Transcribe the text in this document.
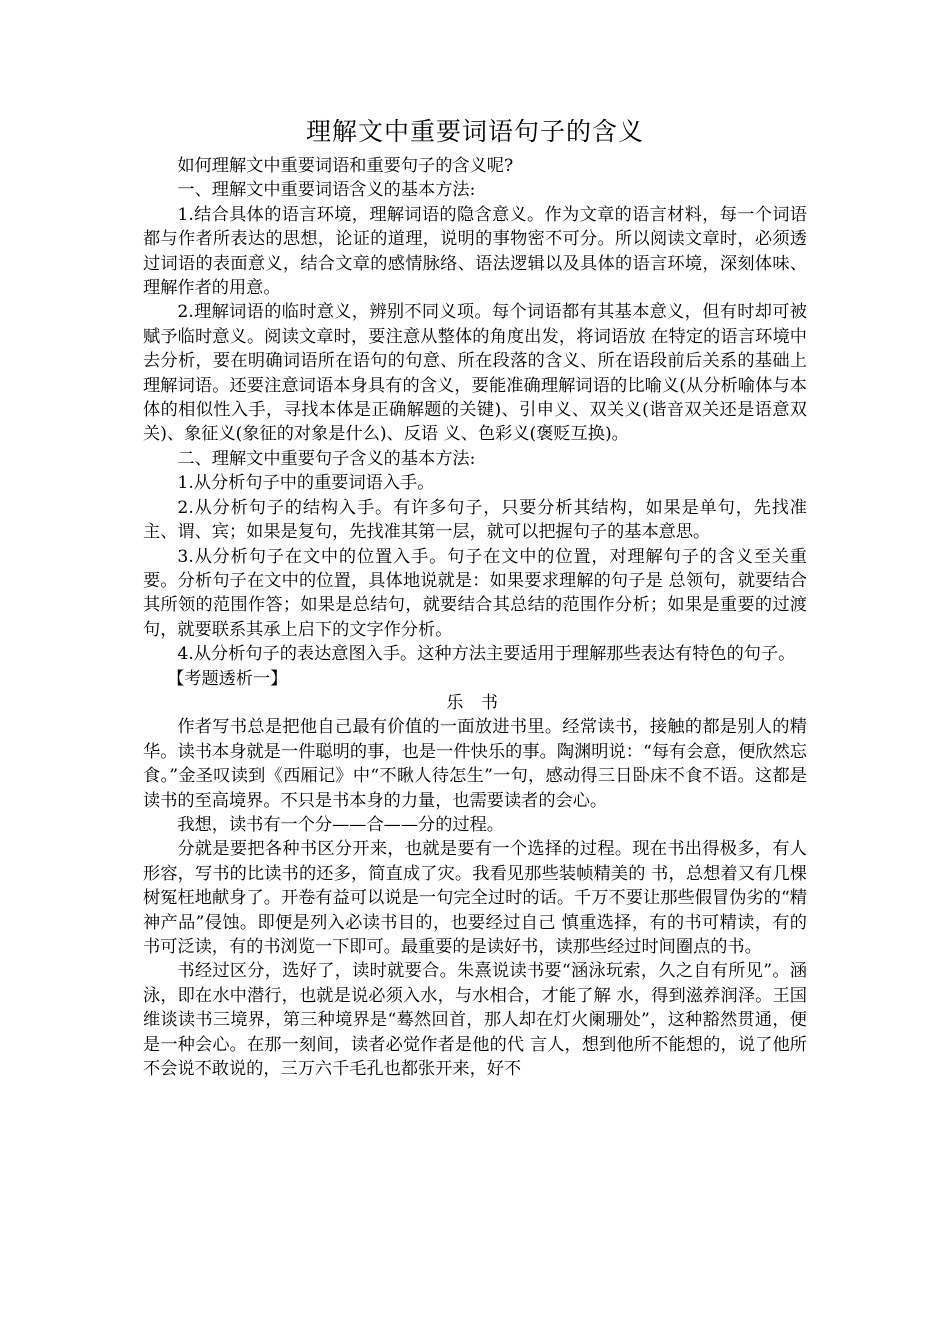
理解文中重要词语句子的含义

如何理解文中重要词语和重要句子的含义呢?

一、理解文中重要词语含义的基本方法:

1.结合具体的语言环境，理解词语的隐含意义。作为文章的语言材料，每一个词语都与作者所表达的思想，论证的道理，说明的事物密不可分。所以阅读文章时，必须透过词语的表面意义，结合文章的感情脉络、语法逻辑以及具体的语言环境，深刻体味、理解作者的用意。

2.理解词语的临时意义，辨别不同义项。每个词语都有其基本意义，但有时却可被赋予临时意义。阅读文章时，要注意从整体的角度出发，将词语放 在特定的语言环境中去分析，要在明确词语所在语句的句意、所在段落的含义、所在语段前后关系的基础上理解词语。还要注意词语本身具有的含义，要能准确理解词语的比喻义(从分析喻体与本体的相似性入手，寻找本体是正确解题的关键)、引申义、双关义(谐音双关还是语意双关)、象征义(象征的对象是什么)、反语 义、色彩义(褒贬互换)。

二、理解文中重要句子含义的基本方法:

1.从分析句子中的重要词语入手。

2.从分析句子的结构入手。有许多句子，只要分析其结构，如果是单句，先找准主、谓、宾；如果是复句，先找准其第一层，就可以把握句子的基本意思。

3.从分析句子在文中的位置入手。句子在文中的位置，对理解句子的含义至关重要。分析句子在文中的位置，具体地说就是：如果要求理解的句子是 总领句，就要结合其所领的范围作答；如果是总结句，就要结合其总结的范围作分析；如果是重要的过渡句，就要联系其承上启下的文字作分析。

4.从分析句子的表达意图入手。这种方法主要适用于理解那些表达有特色的句子。

【考题透析一】

乐 书

作者写书总是把他自己最有价值的一面放进书里。经常读书，接触的都是别人的精华。读书本身就是一件聪明的事，也是一件快乐的事。陶渊明说：“每有会意，便欣然忘食。”金圣叹读到《西厢记》中“不瞅人待怎生”一句，感动得三日卧床不食不语。这都是读书的至高境界。不只是书本身的力量，也需要读者的会心。

我想，读书有一个分——合——分的过程。

分就是要把各种书区分开来，也就是要有一个选择的过程。现在书出得极多，有人形容，写书的比读书的还多，简直成了灾。我看见那些装帧精美的 书，总想着又有几棵树冤枉地献身了。开卷有益可以说是一句完全过时的话。千万不要让那些假冒伪劣的“精神产品”侵蚀。即便是列入必读书目的，也要经过自己 慎重选择，有的书可精读，有的书可泛读，有的书浏览一下即可。最重要的是读好书，读那些经过时间圈点的书。

书经过区分，选好了，读时就要合。朱熹说读书要“涵泳玩索，久之自有所见”。涵泳，即在水中潜行，也就是说必须入水，与水相合，才能了解 水，得到滋养润泽。王国维谈读书三境界，第三种境界是“蓦然回首，那人却在灯火阑珊处”，这种豁然贯通，便是一种会心。在那一刻间，读者必觉作者是他的代 言人，想到他所不能想的，说了他所不会说不敢说的，三万六千毛孔也都张开来，好不
